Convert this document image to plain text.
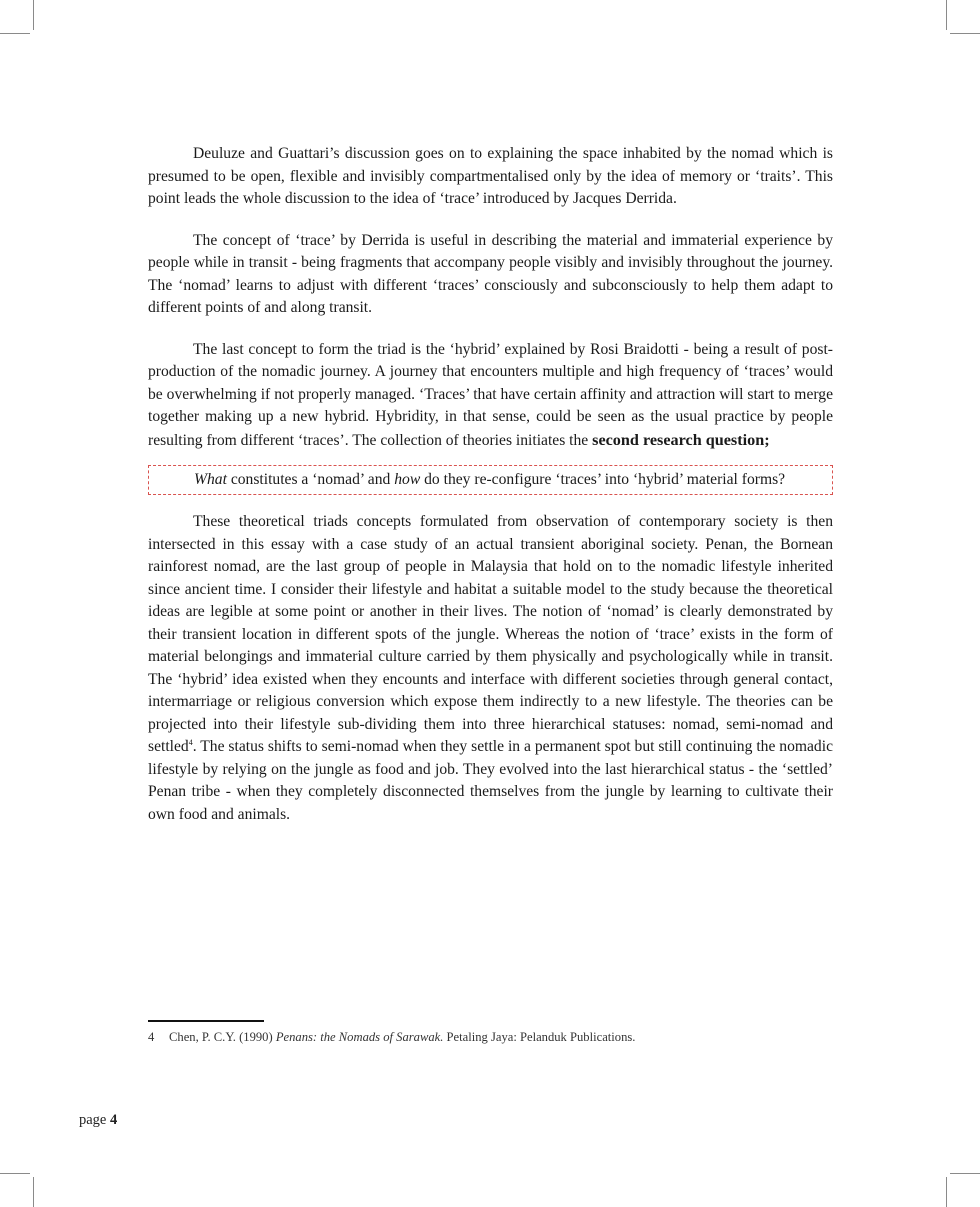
Deuluze and Guattari’s discussion goes on to explaining the space inhabited by the nomad which is presumed to be open, flexible and invisibly compartmentalised only by the idea of memory or ‘traits’. This point leads the whole discussion to the idea of ‘trace’ introduced by Jacques Derrida.

The concept of ‘trace’ by Derrida is useful in describing the material and immaterial experience by people while in transit - being fragments that accompany people visibly and invisibly throughout the journey. The ‘nomad’ learns to adjust with different ‘traces’ consciously and subconsciously to help them adapt to different points of and along transit.

The last concept to form the triad is the ‘hybrid’ explained by Rosi Braidotti - being a result of post-production of the nomadic journey. A journey that encounters multiple and high frequency of ‘traces’ would be overwhelming if not properly managed. ‘Traces’ that have certain affinity and attraction will start to merge together making up a new hybrid. Hybridity, in that sense, could be seen as the usual practice by people resulting from different ‘traces’. The collection of theories initiates the second research question;

What constitutes a ‘nomad’ and how do they re-configure ‘traces’ into ‘hybrid’ material forms?

These theoretical triads concepts formulated from observation of contemporary society is then intersected in this essay with a case study of an actual transient aboriginal society. Penan, the Bornean rainforest nomad, are the last group of people in Malaysia that hold on to the nomadic lifestyle inherited since ancient time. I consider their lifestyle and habitat a suitable model to the study because the theoretical ideas are legible at some point or another in their lives. The notion of ‘nomad’ is clearly demonstrated by their transient location in different spots of the jungle. Whereas the notion of ‘trace’ exists in the form of material belongings and immaterial culture carried by them physically and psychologically while in transit. The ‘hybrid’ idea existed when they encounts and interface with different societies through general contact, intermarriage or religious conversion which expose them indirectly to a new lifestyle. The theories can be projected into their lifestyle sub-dividing them into three hierarchical statuses: nomad, semi-nomad and settled$^4$. The status shifts to semi-nomad when they settle in a permanent spot but still continuing the nomadic lifestyle by relying on the jungle as food and job. They evolved into the last hierarchical status - the ‘settled’ Penan tribe - when they completely disconnected themselves from the jungle by learning to cultivate their own food and animals.

4 Chen, P. C.Y. (1990) Penans: the Nomads of Sarawak. Petaling Jaya: Pelanduk Publications.
page 4
